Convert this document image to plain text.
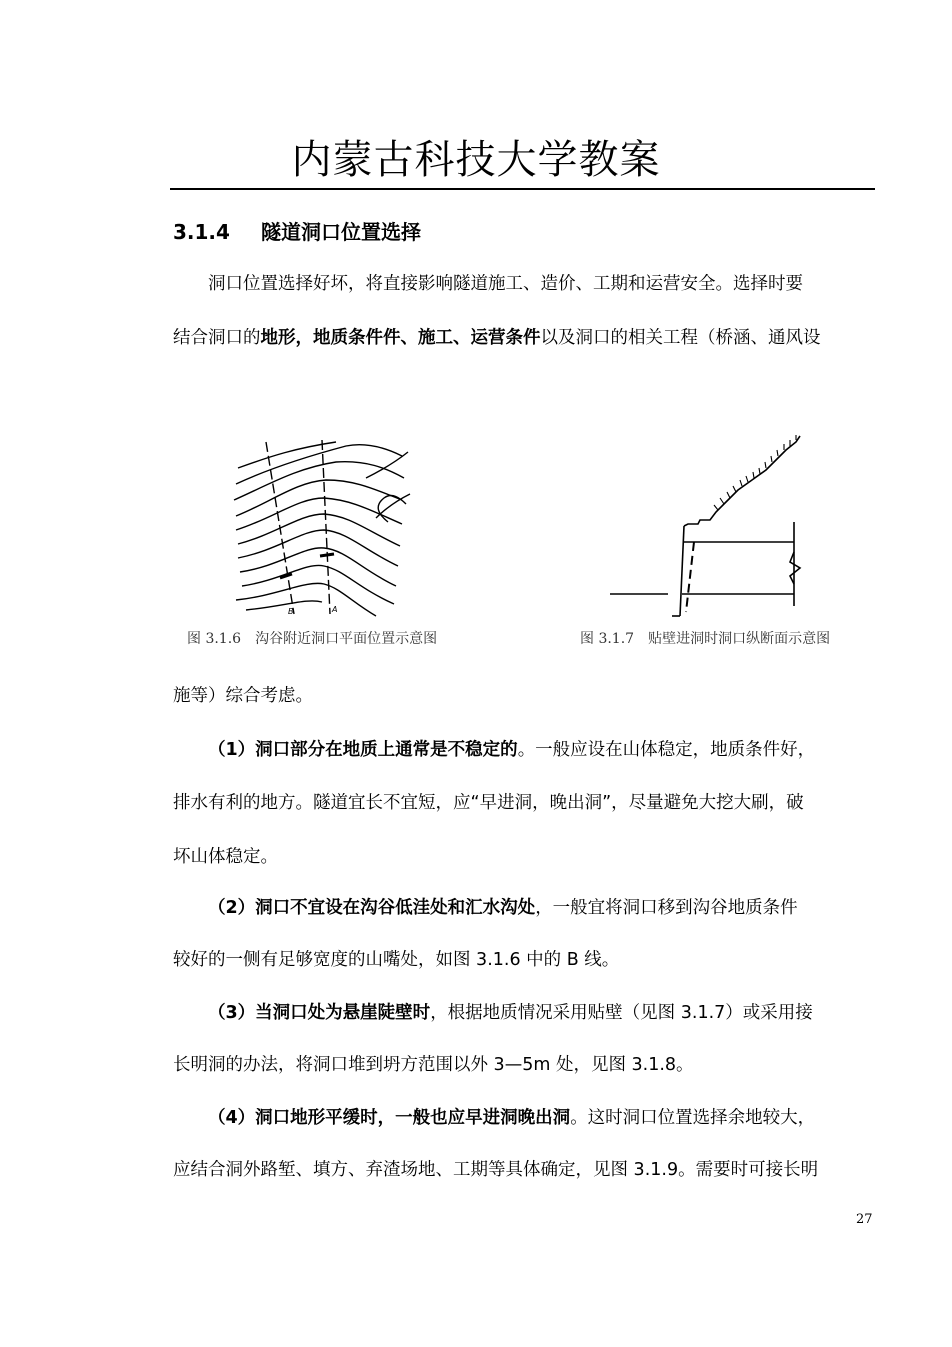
内蒙古科技大学教案
3.1.4 隧道洞口位置选择
洞口位置选择好坏，将直接影响隧道施工、造价、工期和运营安全。选择时要
结合洞口的地形，地质条件件、施工、运营条件以及洞口的相关工程（桥涵、通风设
B	A
图 3.1.6　沟谷附近洞口平面位置示意图	图 3.1.7　贴壁进洞时洞口纵断面示意图
施等）综合考虑。
（1）洞口部分在地质上通常是不稳定的。一般应设在山体稳定，地质条件好，
排水有利的地方。隧道宜长不宜短，应“早进洞，晚出洞”，尽量避免大挖大刷，破
坏山体稳定。
（2）洞口不宜设在沟谷低洼处和汇水沟处，一般宜将洞口移到沟谷地质条件
较好的一侧有足够宽度的山嘴处，如图 3.1.6 中的 B 线。
（3）当洞口处为悬崖陡壁时，根据地质情况采用贴壁（见图 3.1.7）或采用接
长明洞的办法，将洞口堆到坍方范围以外 3—5m 处，见图 3.1.8。
（4）洞口地形平缓时，一般也应早进洞晚出洞。这时洞口位置选择余地较大，
应结合洞外路堑、填方、弃渣场地、工期等具体确定，见图 3.1.9。需要时可接长明
27
